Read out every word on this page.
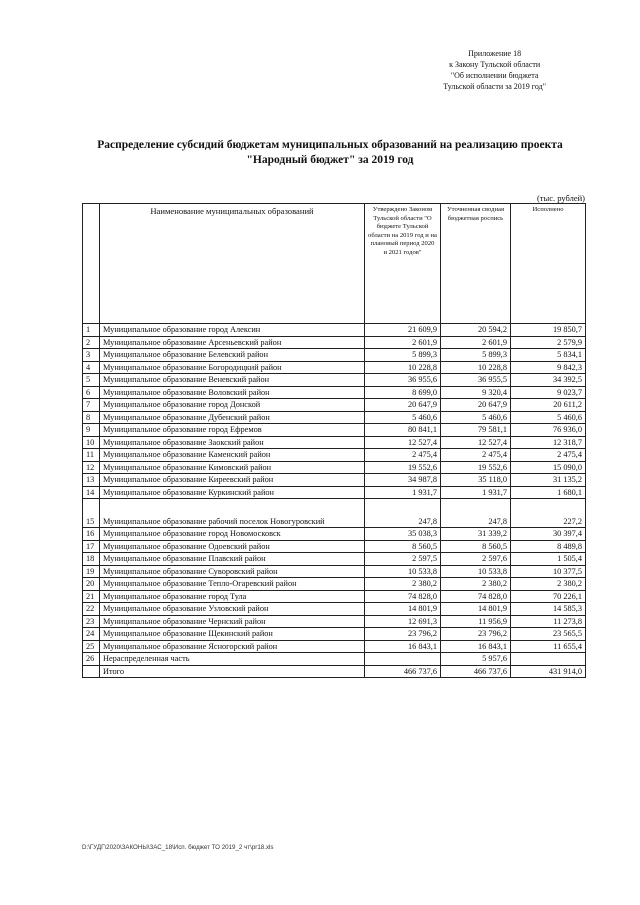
Приложение 18
к Закону Тульской области
"Об исполнении бюджета
Тульской области за 2019 год"
Распределение субсидий бюджетам муниципальных образований на реализацию проекта
"Народный бюджет" за 2019 год
(тыс. рублей)
	Наименование муниципальных образований	Утверждено Законом Тульской области "О бюджете Тульской области на 2019 год и на плановый период 2020 и 2021 годов"	Уточненная сводная бюджетная роспись	Исполнено
1	Муниципальное образование город Алексин	21 609,9	20 594,2	19 850,7
2	Муниципальное образование Арсеньевский район	2 601,9	2 601,9	2 579,9
3	Муниципальное образование Белевский район	5 899,3	5 899,3	5 834,1
4	Муниципальное образование Богородицкий район	10 228,8	10 228,8	9 842,3
5	Муниципальное образование Веневский район	36 955,6	36 955,5	34 392,5
6	Муниципальное образование Воловский район	8 699,0	9 320,4	9 023,7
7	Муниципальное образование город Донской	20 647,9	20 647,9	20 611,2
8	Муниципальное образование Дубенский район	5 460,6	5 460,6	5 460,6
9	Муниципальное образование город Ефремов	80 841,1	79 581,1	76 936,0
10	Муниципальное образование Заокский район	12 527,4	12 527,4	12 318,7
11	Муниципальное образование Каменский район	2 475,4	2 475,4	2 475,4
12	Муниципальное образование Кимовский район	19 552,6	19 552,6	15 090,0
13	Муниципальное образование Киреевский район	34 987,8	35 118,0	31 135,2
14	Муниципальное образование Куркинский район	1 931,7	1 931,7	1 680,1
15	Муниципальное образование рабочий поселок Новогуровский	247,8	247,8	227,2
16	Муниципальное образование город Новомосковск	35 038,3	31 339,2	30 397,4
17	Муниципальное образование Одоевский район	8 560,5	8 560,5	8 489,8
18	Муниципальное образование Плавский район	2 597,5	2 597,6	1 505,4
19	Муниципальное образование Суворовский район	10 533,8	10 533,8	10 377,5
20	Муниципальное образование Тепло-Огаревский район	2 380,2	2 380,2	2 380,2
21	Муниципальное образование город Тула	74 828,0	74 828,0	70 226,1
22	Муниципальное образование Узловский район	14 801,9	14 801,9	14 585,3
23	Муниципальное образование Чернский район	12 691,3	11 956,9	11 273,8
24	Муниципальное образование Щекинский район	23 796,2	23 796,2	23 565,5
25	Муниципальное образование Ясногорский район	16 843,1	16 843,1	11 655,4
26	Нераспределенная часть		5 957,6	
	Итого	466 737,6	466 737,6	431 914,0
D:\ГУДГ\2020\ЗАКОНЫ\ЗАС_18\Исп. бюджет ТО 2019_2 чт\pr18.xls
